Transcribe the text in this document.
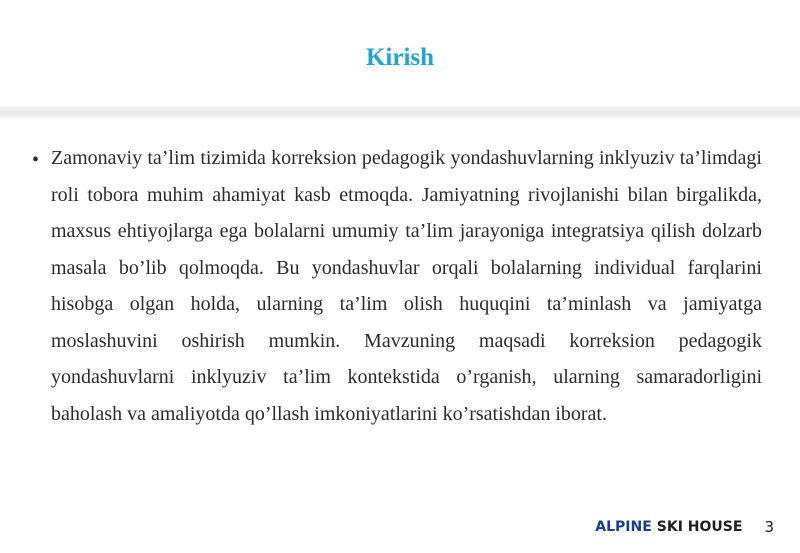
Kirish
• Zamonaviy ta’lim tizimida korreksion pedagogik yondashuvlarning inklyuziv ta’limdagi roli tobora muhim ahamiyat kasb etmoqda. Jamiyatning rivojlanishi bilan birgalikda, maxsus ehtiyojlarga ega bolalarni umumiy ta’lim jarayoniga integratsiya qilish dolzarb masala bo’lib qolmoqda. Bu yondashuvlar orqali bolalarning individual farqlarini hisobga olgan holda, ularning ta’lim olish huquqini ta’minlash va jamiyatga moslashuvini oshirish mumkin. Mavzuning maqsadi korreksion pedagogik yondashuvlarni inklyuziv ta’lim kontekstida o’rganish, ularning samaradorligini baholash va amaliyotda qo’llash imkoniyatlarini ko’rsatishdan iborat.

ALPINE SKI HOUSE 3
